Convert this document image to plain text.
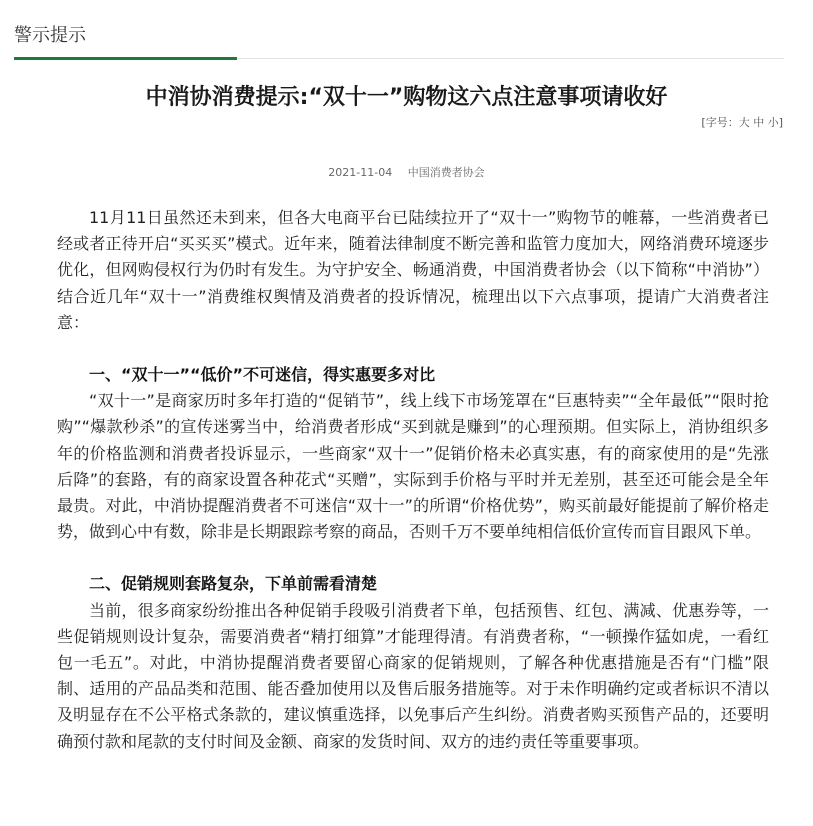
警示提示
中消协消费提示:“双十一”购物这六点注意事项请收好
[字号：大 中 小]
2021-11-04 中国消费者协会

11月11日虽然还未到来，但各大电商平台已陆续拉开了“双十一”购物节的帷幕，一些消费者已经或者正待开启“买买买”模式。近年来，随着法律制度不断完善和监管力度加大，网络消费环境逐步优化，但网购侵权行为仍时有发生。为守护安全、畅通消费，中国消费者协会（以下简称“中消协”）结合近几年“双十一”消费维权舆情及消费者的投诉情况，梳理出以下六点事项，提请广大消费者注意：

一、“双十一”“低价”不可迷信，得实惠要多对比

“双十一”是商家历时多年打造的“促销节”，线上线下市场笼罩在“巨惠特卖”“全年最低”“限时抢购”“爆款秒杀”的宣传迷雾当中，给消费者形成“买到就是赚到”的心理预期。但实际上，消协组织多年的价格监测和消费者投诉显示，一些商家“双十一”促销价格未必真实惠，有的商家使用的是“先涨后降”的套路，有的商家设置各种花式“买赠”，实际到手价格与平时并无差别，甚至还可能会是全年最贵。对此，中消协提醒消费者不可迷信“双十一”的所谓“价格优势”，购买前最好能提前了解价格走势，做到心中有数，除非是长期跟踪考察的商品，否则千万不要单纯相信低价宣传而盲目跟风下单。

二、促销规则套路复杂，下单前需看清楚

当前，很多商家纷纷推出各种促销手段吸引消费者下单，包括预售、红包、满减、优惠券等，一些促销规则设计复杂，需要消费者“精打细算”才能理得清。有消费者称，“一顿操作猛如虎，一看红包一毛五”。对此，中消协提醒消费者要留心商家的促销规则，了解各种优惠措施是否有“门槛”限制、适用的产品品类和范围、能否叠加使用以及售后服务措施等。对于未作明确约定或者标识不清以及明显存在不公平格式条款的，建议慎重选择，以免事后产生纠纷。消费者购买预售产品的，还要明确预付款和尾款的支付时间及金额、商家的发货时间、双方的违约责任等重要事项。
